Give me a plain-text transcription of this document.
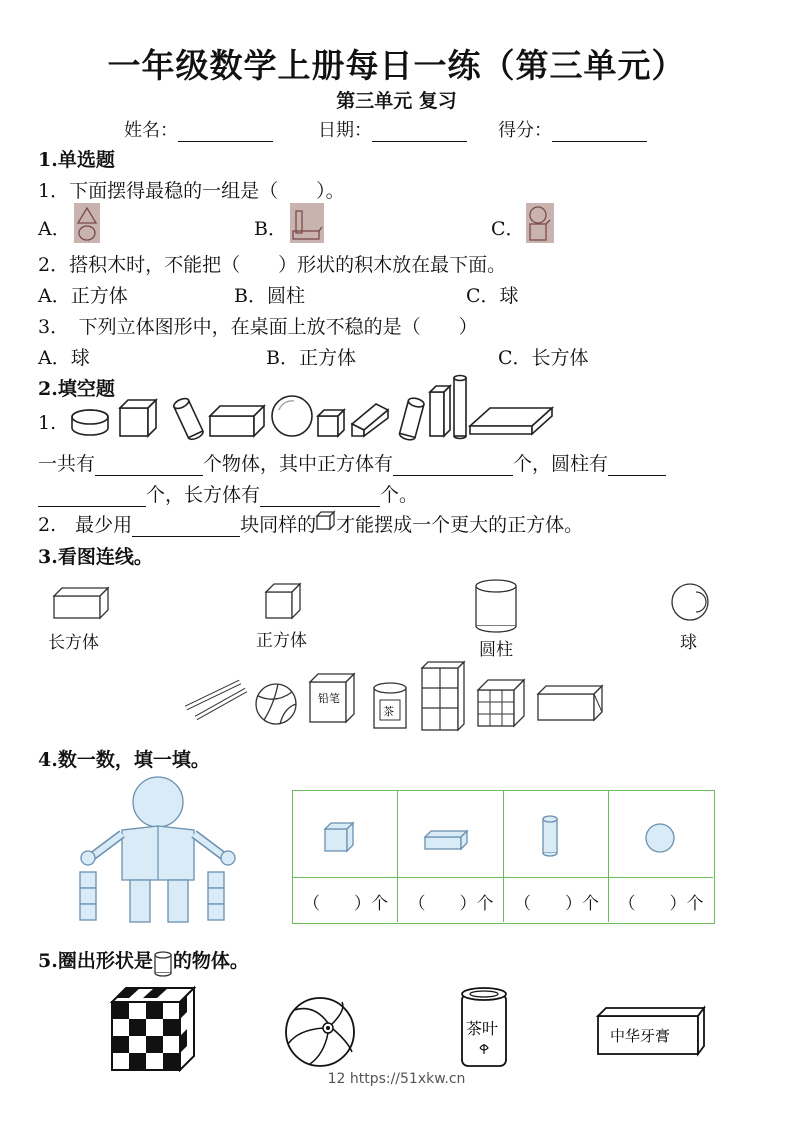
一年级数学上册每日一练（第三单元）
第三单元 复习
姓名：	日期：	得分：
1.单选题
1．下面摆得最稳的一组是（　　）。
A．	B．	C．
2．搭积木时，不能把（　　）形状的积木放在最下面。
A．正方体	B．圆柱	C．球
3．　下列立体图形中，在桌面上放不稳的是（　　）
A．球	B．正方体	C．长方体
2.填空题
1.
一共有	个物体，其中正方体有	个，圆柱有
个，长方体有	个。
2.　最少用	块同样的 才能摆成一个更大的正方体。
3.看图连线。
长方体	正方体	圆柱	球
铅笔
茶
4.数一数，填一填。
（　　）个	（　　）个	（　　）个	（　　）个
5.圈出形状是 的物体。
茶叶	中华牙膏
12 https://51xkw.cn
